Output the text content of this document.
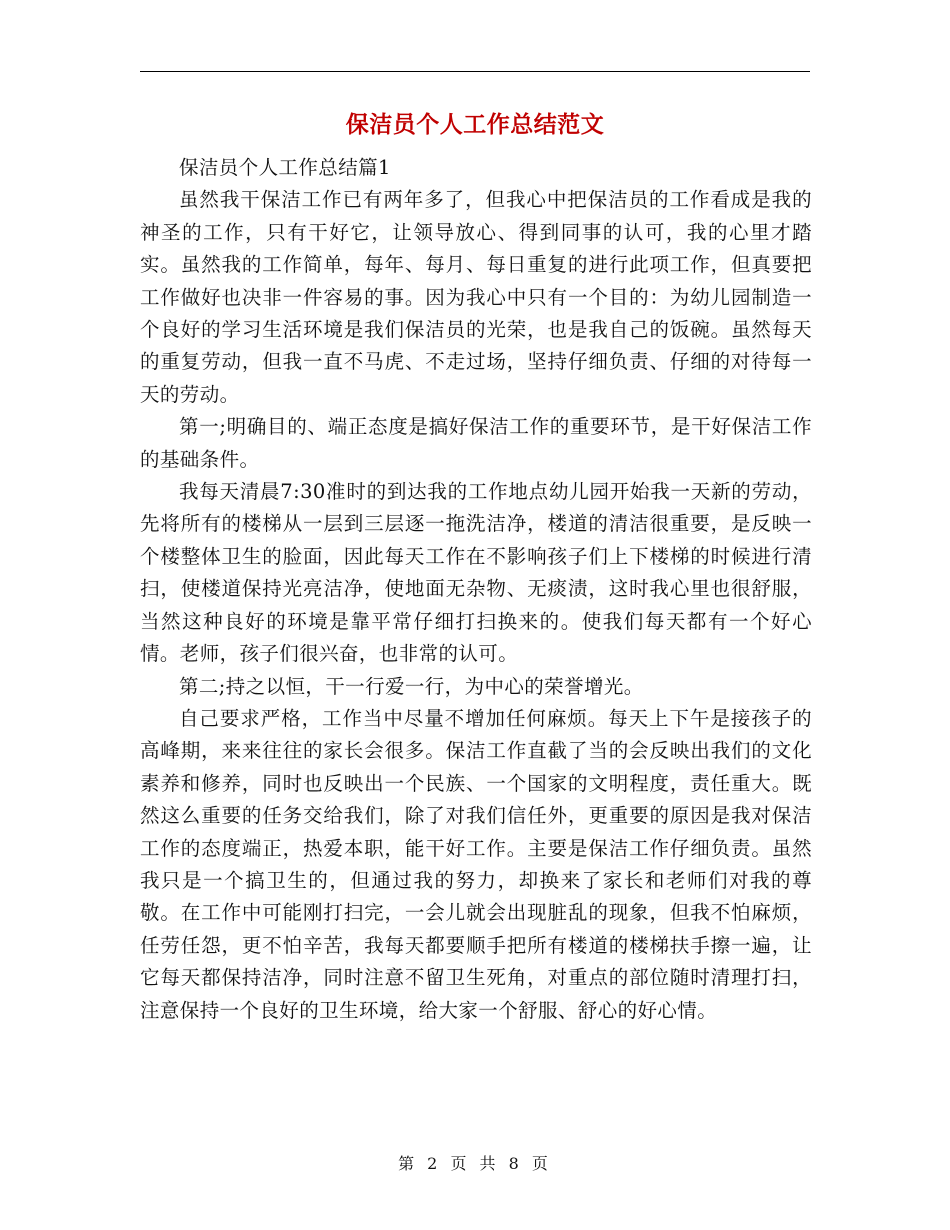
保洁员个人工作总结范文

保洁员个人工作总结篇1

虽然我干保洁工作已有两年多了，但我心中把保洁员的工作看成是我的神圣的工作，只有干好它，让领导放心、得到同事的认可，我的心里才踏实。虽然我的工作简单，每年、每月、每日重复的进行此项工作，但真要把工作做好也决非一件容易的事。因为我心中只有一个目的：为幼儿园制造一个良好的学习生活环境是我们保洁员的光荣，也是我自己的饭碗。虽然每天的重复劳动，但我一直不马虎、不走过场，坚持仔细负责、仔细的对待每一天的劳动。

第一;明确目的、端正态度是搞好保洁工作的重要环节，是干好保洁工作的基础条件。

我每天清晨7:30准时的到达我的工作地点幼儿园开始我一天新的劳动，先将所有的楼梯从一层到三层逐一拖洗洁净，楼道的清洁很重要，是反映一个楼整体卫生的脸面，因此每天工作在不影响孩子们上下楼梯的时候进行清扫，使楼道保持光亮洁净，使地面无杂物、无痰渍，这时我心里也很舒服，当然这种良好的环境是靠平常仔细打扫换来的。使我们每天都有一个好心情。老师，孩子们很兴奋，也非常的认可。

第二;持之以恒，干一行爱一行，为中心的荣誉增光。

自己要求严格，工作当中尽量不增加任何麻烦。每天上下午是接孩子的高峰期，来来往往的家长会很多。保洁工作直截了当的会反映出我们的文化素养和修养，同时也反映出一个民族、一个国家的文明程度，责任重大。既然这么重要的任务交给我们，除了对我们信任外，更重要的原因是我对保洁工作的态度端正，热爱本职，能干好工作。主要是保洁工作仔细负责。虽然我只是一个搞卫生的，但通过我的努力，却换来了家长和老师们对我的尊敬。在工作中可能刚打扫完，一会儿就会出现脏乱的现象，但我不怕麻烦，任劳任怨，更不怕辛苦，我每天都要顺手把所有楼道的楼梯扶手擦一遍，让它每天都保持洁净，同时注意不留卫生死角，对重点的部位随时清理打扫，注意保持一个良好的卫生环境，给大家一个舒服、舒心的好心情。

第 2 页 共 8 页
